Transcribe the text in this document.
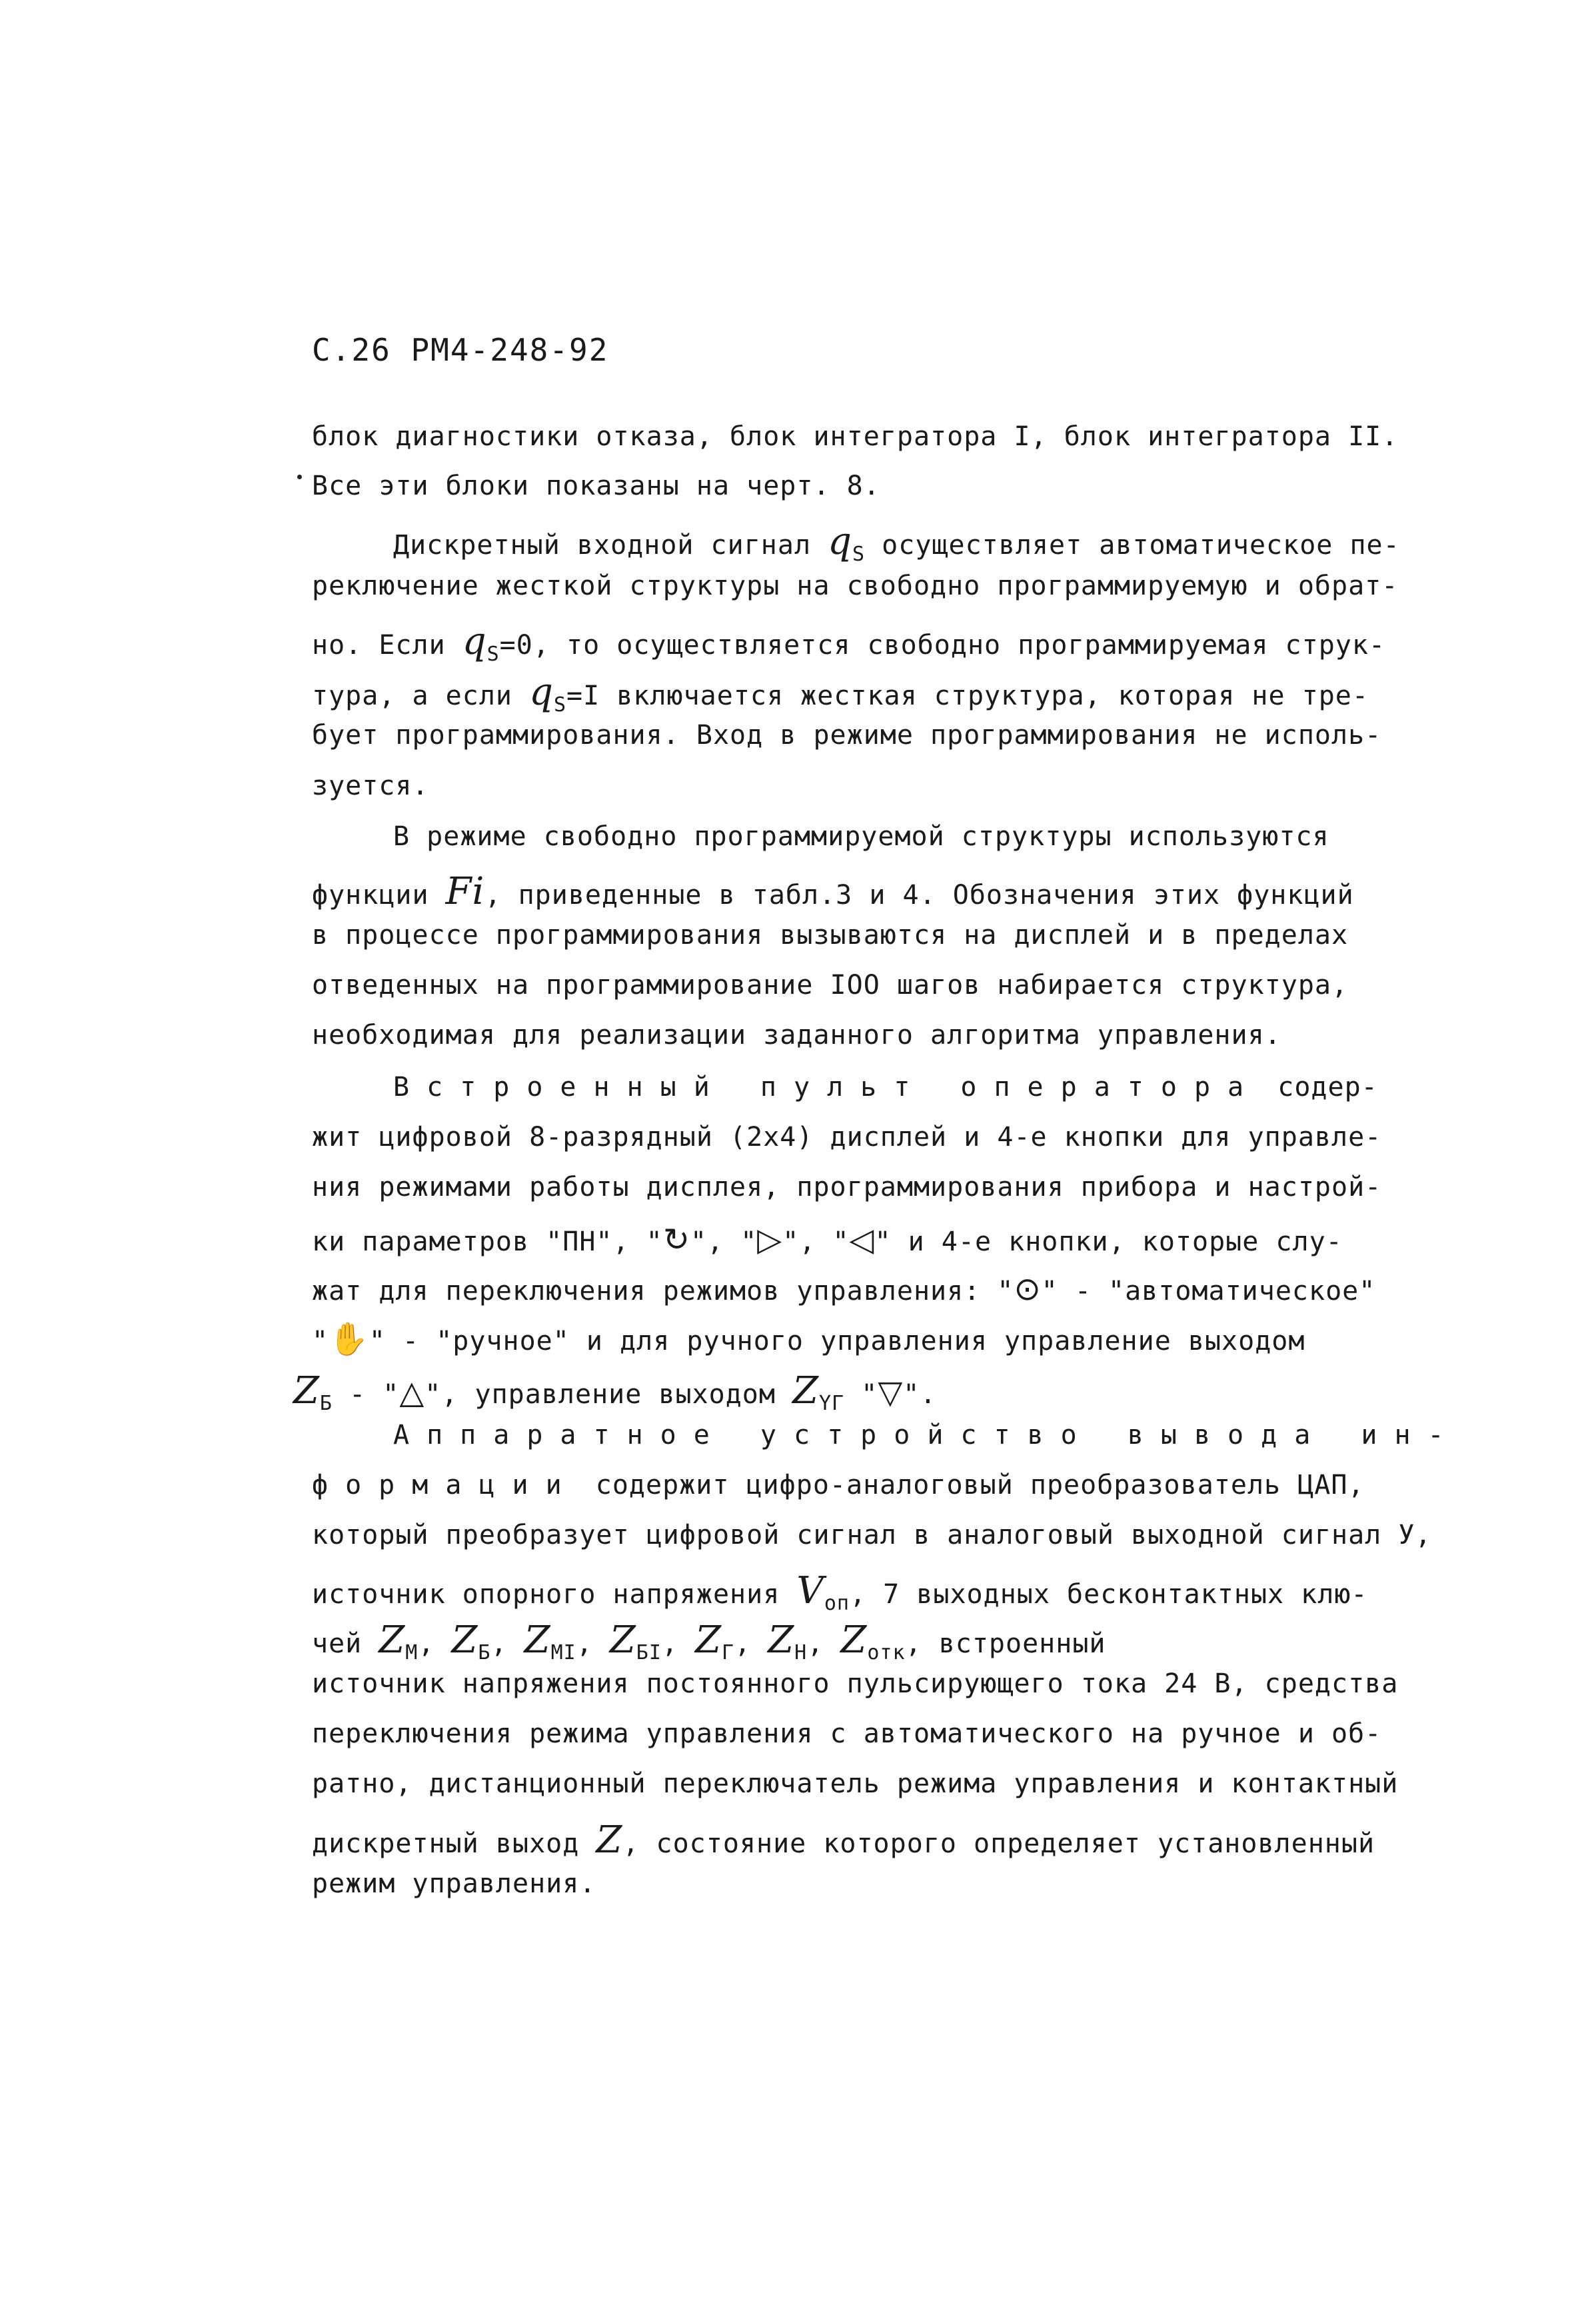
С.26 РМ4-248-92
блок диагностики отказа, блок интегратора I, блок интегратора II.
Все эти блоки показаны на черт. 8.
Дискретный входной сигнал $q_S$ осуществляет автоматическое пе-
реключение жесткой структуры на свободно программируемую и обрат-
но. Если $q_S=0$, то осуществляется свободно программируемая струк-
тура, а если $q_S=I$ включается жесткая структура, которая не тре-
бует программирования. Вход в режиме программирования не исполь-
зуется.
В режиме свободно программируемой структуры используются
функции Fi, приведенные в табл.3 и 4. Обозначения этих функций
в процессе программирования вызываются на дисплей и в пределах
отведенных на программирование IOO шагов набирается структура,
необходимая для реализации заданного алгоритма управления.
Встроенный пульт оператора содер-
жит цифровой 8-разрядный (2х4) дисплей и 4-е кнопки для управле-
ния режимами работы дисплея, программирования прибора и настрой-
ки параметров "ПН", "↻", "▷", "◁" и 4-е кнопки, которые слу-
жат для переключения режимов управления: "⊙" - "автоматическое"
"✋" - "ручное" и для ручного управления управление выходом
$Z_Б$ - "△", управление выходом $Z_{ҮГ}$ "▽".
Аппаратное устройство вывода ин-
формации содержит цифро-аналоговый преобразователь ЦАП,
который преобразует цифровой сигнал в аналоговый выходной сигнал У,
источник опорного напряжения $V_{оп}$, 7 выходных бесконтактных клю-
чей $Z_М$, $Z_Б$, $Z_{МI}$, $Z_{БI}$, $Z_Г$, $Z_Н$, $Z_{отк}$, встроенный
источник напряжения постоянного пульсирующего тока 24 В, средства
переключения режима управления с автоматического на ручное и об-
ратно, дистанционный переключатель режима управления и контактный
дискретный выход Z, состояние которого определяет установленный
режим управления.
